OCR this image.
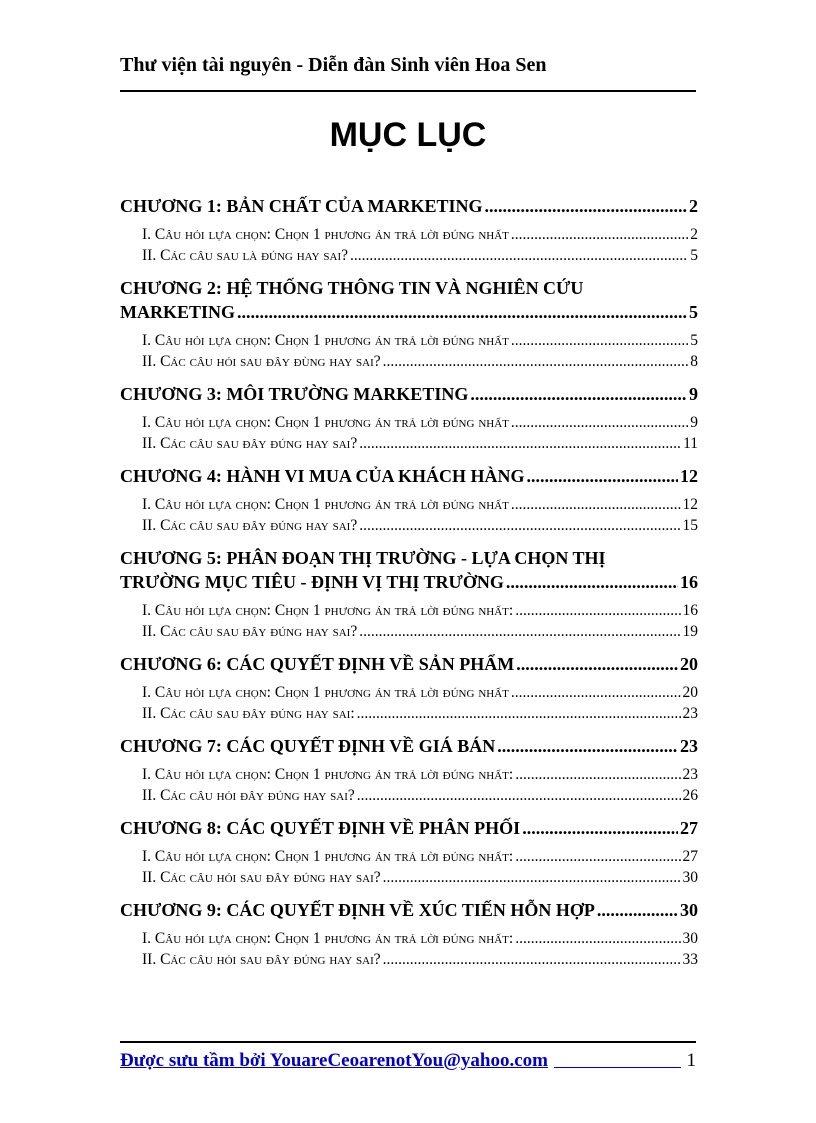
Thư viện tài nguyên - Diễn đàn Sinh viên Hoa Sen
MỤC LỤC
CHƯƠNG 1: BẢN CHẤT CỦA MARKETING .....	2
I. Câu hỏi lựa chọn: Chọn 1 phương án trả lời đúng nhất .....	2
II. Các câu sau là đúng hay sai? .....	5
CHƯƠNG 2: HỆ THỐNG THÔNG TIN VÀ NGHIÊN CỨU
MARKETING .....	5
I. Câu hỏi lựa chọn: Chọn 1 phương án trả lời đúng nhất .....	5
II. Các câu hỏi sau đây đùng hay sai? .....	8
CHƯƠNG 3: MÔI TRƯỜNG MARKETING .....	9
I. Câu hỏi lựa chọn: Chọn 1 phương án trả lời đúng nhất .....	9
II. Các câu sau đây đúng hay sai? .....	11
CHƯƠNG 4: HÀNH VI MUA CỦA KHÁCH HÀNG .....	12
I. Câu hỏi lựa chọn: Chọn 1 phương án trả lời đúng nhất .....	12
II. Các câu sau đây đúng hay sai? .....	15
CHƯƠNG 5: PHÂN ĐOẠN THỊ TRƯỜNG - LỰA CHỌN THỊ
TRƯỜNG MỤC TIÊU - ĐỊNH VỊ THỊ TRƯỜNG .....	16
I. Câu hỏi lựa chọn: Chọn 1 phương án trả lời đúng nhất: .....	16
II. Các câu sau đây đúng hay sai? .....	19
CHƯƠNG 6: CÁC QUYẾT ĐỊNH VỀ SẢN PHẨM .....	20
I. Câu hỏi lựa chọn: Chọn 1 phương án trả lời đúng nhất .....	20
II. Các câu sau đây đúng hay sai: .....	23
CHƯƠNG 7: CÁC QUYẾT ĐỊNH VỀ GIÁ BÁN .....	23
I. Câu hỏi lựa chọn: Chọn 1 phương án trả lời đúng nhất: .....	23
II. Các câu hỏi đây đúng hay sai? .....	26
CHƯƠNG 8: CÁC QUYẾT ĐỊNH VỀ PHÂN PHỐI .....	27
I. Câu hỏi lựa chọn: Chọn 1 phương án trả lời đúng nhất: .....	27
II. Các câu hỏi sau đây đúng hay sai? .....	30
CHƯƠNG 9: CÁC QUYẾT ĐỊNH VỀ XÚC TIẾN HỖN HỢP .....	30
I. Câu hỏi lựa chọn: Chọn 1 phương án trả lời đúng nhất: .....	30
II. Các câu hỏi sau đây đúng hay sai? .....	33
Được sưu tầm bởi YouareCeoarenotYou@yahoo.com	1
